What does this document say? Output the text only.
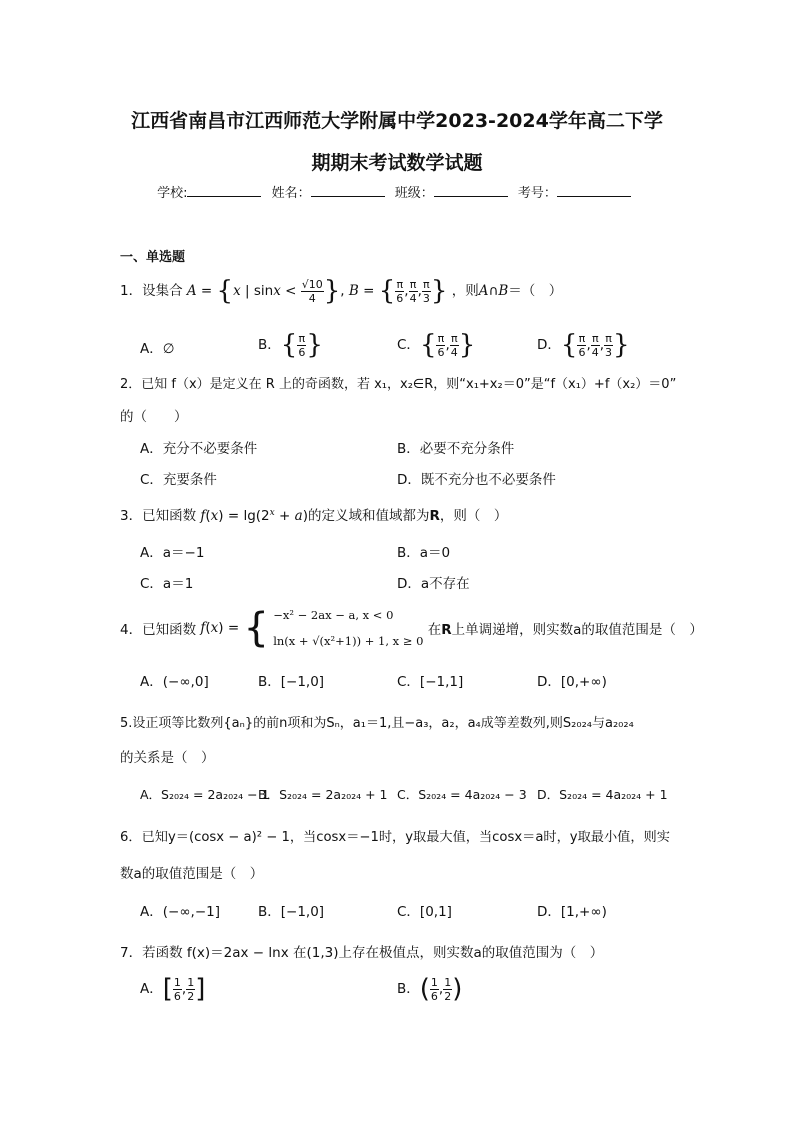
江西省南昌市江西师范大学附属中学2023-2024学年高二下学
期期末考试数学试题
学校:	姓名：	班级：	考号：
一、单选题
1．设集合 A = {x | $\sin x < \frac{√10}{4}$ }, B = { $\frac{\pi}{6}$ , $\frac{\pi}{4}$ , $\frac{\pi}{3}$ } ，则A∩B＝（　）
A．∅	B．{ $\frac{\pi}{6}$ }	C．{ $\frac{\pi}{6}$ , $\frac{\pi}{4}$ }	D．{ $\frac{\pi}{6}$ , $\frac{\pi}{4}$ , $\frac{\pi}{3}$ }
2．已知 f（x）是定义在 R 上的奇函数，若 x₁，x₂∈R，则“x₁+x₂＝0”是“f（x₁）+f（x₂）＝0”
的（　　）
A．充分不必要条件	B．必要不充分条件
C．充要条件	D．既不充分也不必要条件
3．已知函数 $f(x) = \lg(2^x + a)$的定义域和值域都为R，则（　）
A．a＝−1	B．a＝0
C．a＝1	D．a不存在
4．已知函数 f(x) = { −x² − 2ax − a, x < 0
ln(x + √(x²+1)) + 1, x ≥ 0
在R上单调递增，则实数a的取值范围是（　）
A．(−∞,0]	B．[−1,0]	C．[−1,1]	D．[0,+∞)
5.设正项等比数列{aₙ}的前n项和为Sₙ，a₁＝1,且−a₃，a₂，a₄成等差数列,则S₂₀₂₄与a₂₀₂₄
的关系是（　）
A．S₂₀₂₄ = 2a₂₀₂₄ − 1
B．S₂₀₂₄ = 2a₂₀₂₄ + 1 C．S₂₀₂₄ = 4a₂₀₂₄ − 3 D．S₂₀₂₄ = 4a₂₀₂₄ + 1
6．已知y＝(cosx − a)² − 1，当cosx＝−1时，y取最大值，当cosx＝a时，y取最小值，则实
数a的取值范围是（　）
A．(−∞,−1]	B．[−1,0]	C．[0,1]	D．[1,+∞)
7．若函数 f(x)＝2ax − lnx 在(1,3)上存在极值点，则实数a的取值范围为（　）
A．[ $\frac{1}{6}$ , $\frac{1}{2}$ ]	B．( $\frac{1}{6}$ , $\frac{1}{2}$ )
